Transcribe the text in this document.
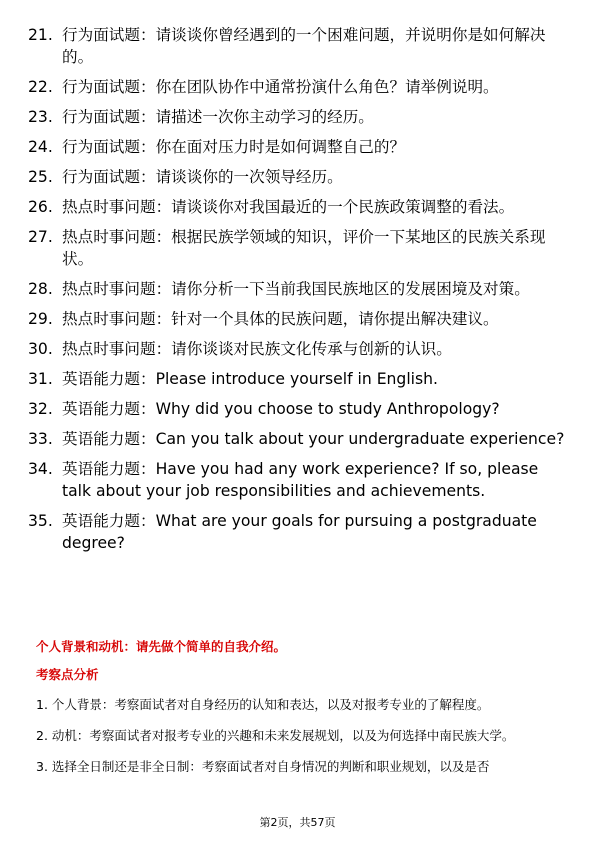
21. 行为面试题：请谈谈你曾经遇到的一个困难问题，并说明你是如何解决的。
22. 行为面试题：你在团队协作中通常扮演什么角色？请举例说明。
23. 行为面试题：请描述一次你主动学习的经历。
24. 行为面试题：你在面对压力时是如何调整自己的？
25. 行为面试题：请谈谈你的一次领导经历。
26. 热点时事问题：请谈谈你对我国最近的一个民族政策调整的看法。
27. 热点时事问题：根据民族学领域的知识，评价一下某地区的民族关系现状。
28. 热点时事问题：请你分析一下当前我国民族地区的发展困境及对策。
29. 热点时事问题：针对一个具体的民族问题，请你提出解决建议。
30. 热点时事问题：请你谈谈对民族文化传承与创新的认识。
31. 英语能力题：Please introduce yourself in English.
32. 英语能力题：Why did you choose to study Anthropology?
33. 英语能力题：Can you talk about your undergraduate experience?
34. 英语能力题：Have you had any work experience? If so, please talk about your job responsibilities and achievements.
35. 英语能力题：What are your goals for pursuing a postgraduate degree?
个人背景和动机：请先做个简单的自我介绍。
考察点分析
1. 个人背景：考察面试者对自身经历的认知和表达，以及对报考专业的了解程度。
2. 动机：考察面试者对报考专业的兴趣和未来发展规划，以及为何选择中南民族大学。
3. 选择全日制还是非全日制：考察面试者对自身情况的判断和职业规划，以及是否
第2页，共57页
